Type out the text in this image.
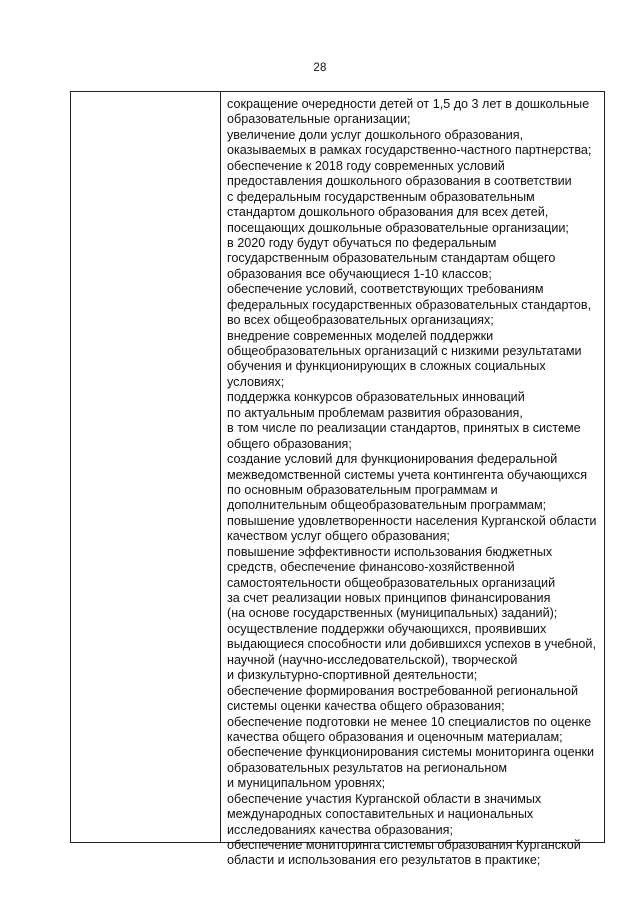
28
сокращение очередности детей от 1,5 до 3 лет в дошкольные
образовательные организации;
увеличение доли услуг дошкольного образования,
оказываемых в рамках государственно-частного партнерства;
обеспечение к 2018 году современных условий
предоставления дошкольного образования в соответствии
с федеральным государственным образовательным
стандартом дошкольного образования для всех детей,
посещающих дошкольные образовательные организации;
в 2020 году будут обучаться по федеральным
государственным образовательным стандартам общего
образования все обучающиеся 1-10 классов;
обеспечение условий, соответствующих требованиям
федеральных государственных образовательных стандартов,
во всех общеобразовательных организациях;
внедрение современных моделей поддержки
общеобразовательных организаций с низкими результатами
обучения и функционирующих в сложных социальных
условиях;
поддержка конкурсов образовательных инноваций
по актуальным проблемам развития образования,
в том числе по реализации стандартов, принятых в системе
общего образования;
создание условий для функционирования федеральной
межведомственной системы учета контингента обучающихся
по основным образовательным программам и
дополнительным общеобразовательным программам;
повышение удовлетворенности населения Курганской области
качеством услуг общего образования;
повышение эффективности использования бюджетных
средств, обеспечение финансово-хозяйственной
самостоятельности общеобразовательных организаций
за счет реализации новых принципов финансирования
(на основе государственных (муниципальных) заданий);
осуществление поддержки обучающихся, проявивших
выдающиеся способности или добившихся успехов в учебной,
научной (научно-исследовательской), творческой
и физкультурно-спортивной деятельности;
обеспечение формирования востребованной региональной
системы оценки качества общего образования;
обеспечение подготовки не менее 10 специалистов по оценке
качества общего образования и оценочным материалам;
обеспечение функционирования системы мониторинга оценки
образовательных результатов на региональном
и муниципальном уровнях;
обеспечение участия Курганской области в значимых
международных сопоставительных и национальных
исследованиях качества образования;
обеспечение мониторинга системы образования Курганской
области и использования его результатов в практике;
